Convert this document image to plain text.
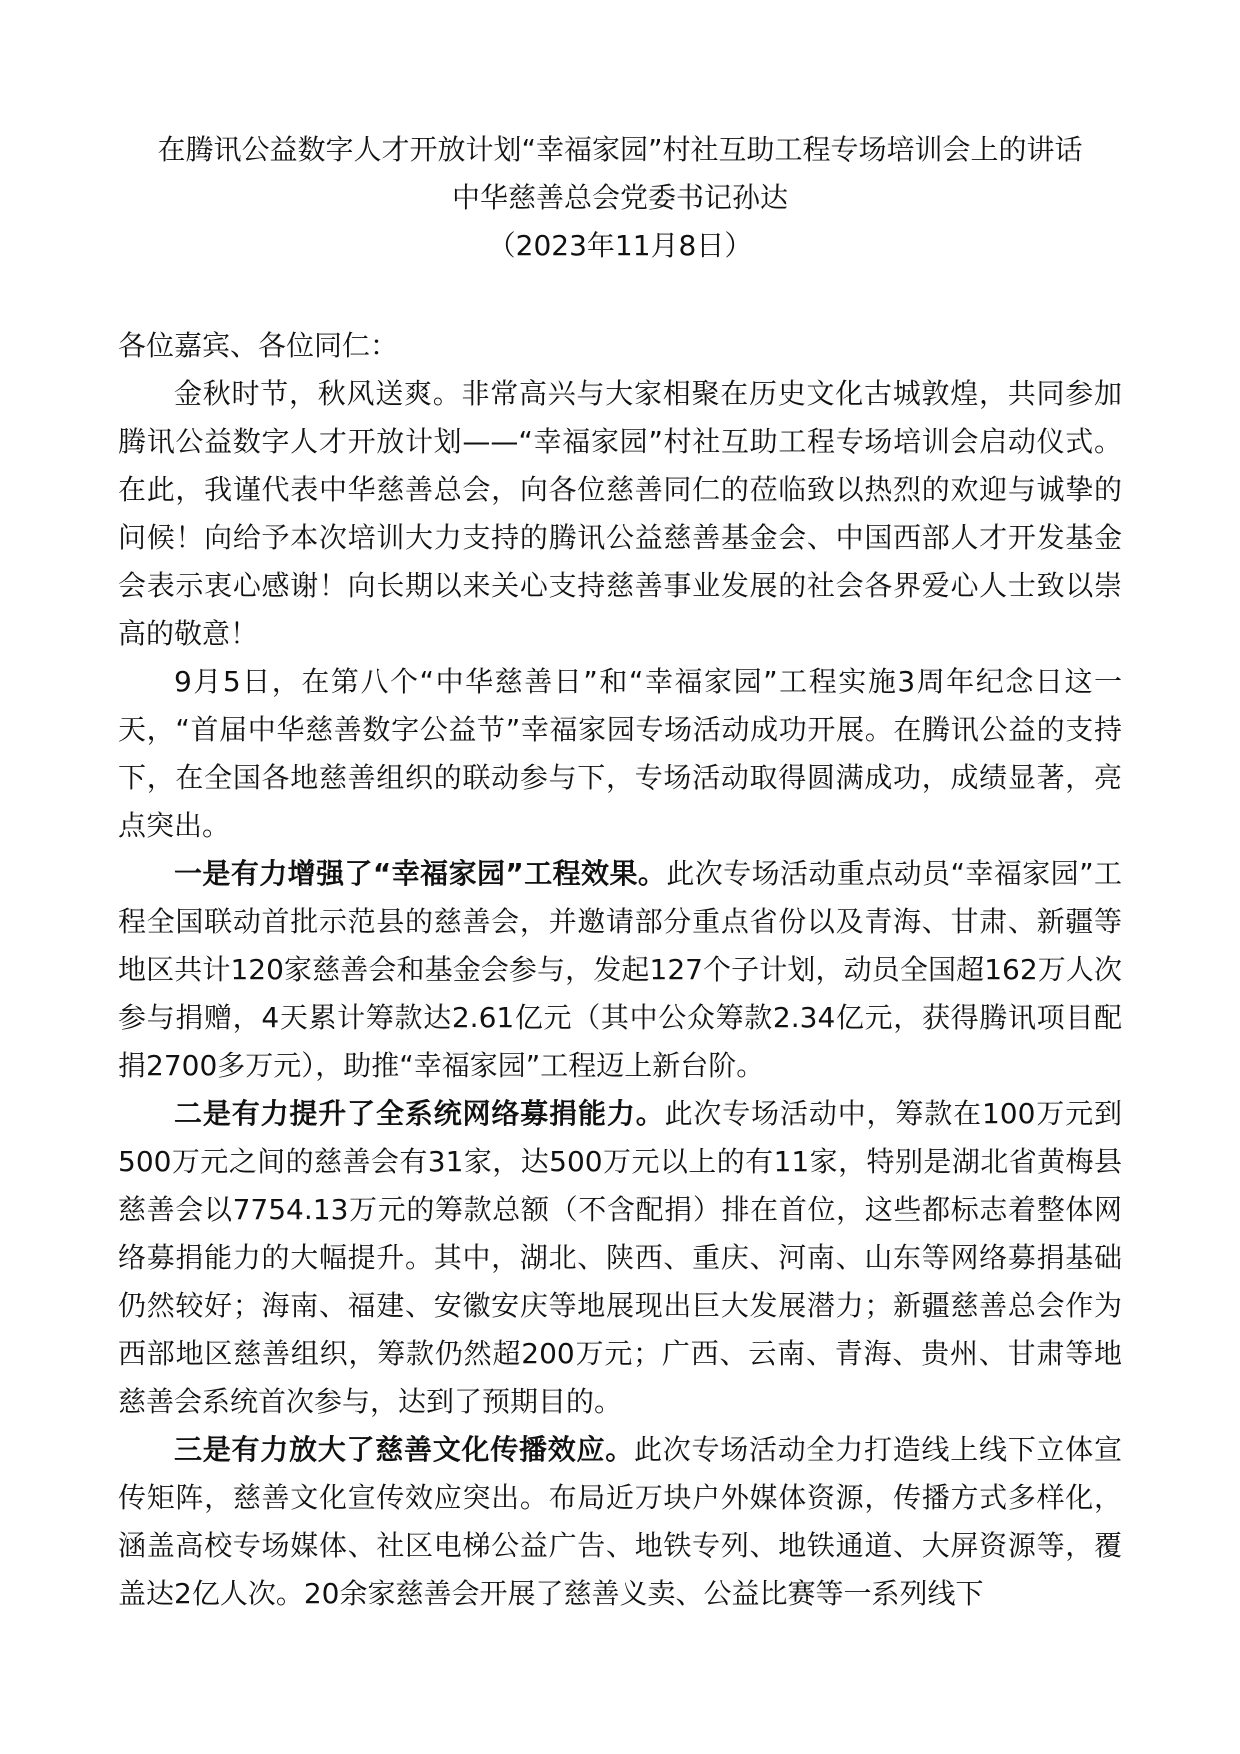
在腾讯公益数字人才开放计划“幸福家园”村社互助工程专场培训会上的讲话

中华慈善总会党委书记孙达

（2023年11月8日）

各位嘉宾、各位同仁：

金秋时节，秋风送爽。非常高兴与大家相聚在历史文化古城敦煌，共同参加腾讯公益数字人才开放计划——“幸福家园”村社互助工程专场培训会启动仪式。在此，我谨代表中华慈善总会，向各位慈善同仁的莅临致以热烈的欢迎与诚挚的问候！向给予本次培训大力支持的腾讯公益慈善基金会、中国西部人才开发基金会表示衷心感谢！向长期以来关心支持慈善事业发展的社会各界爱心人士致以崇高的敬意！

9月5日，在第八个“中华慈善日”和“幸福家园”工程实施3周年纪念日这一天，“首届中华慈善数字公益节”幸福家园专场活动成功开展。在腾讯公益的支持下，在全国各地慈善组织的联动参与下，专场活动取得圆满成功，成绩显著，亮点突出。

一是有力增强了“幸福家园”工程效果。此次专场活动重点动员“幸福家园”工程全国联动首批示范县的慈善会，并邀请部分重点省份以及青海、甘肃、新疆等地区共计120家慈善会和基金会参与，发起127个子计划，动员全国超162万人次参与捐赠，4天累计筹款达2.61亿元（其中公众筹款2.34亿元，获得腾讯项目配捐2700多万元），助推“幸福家园”工程迈上新台阶。

二是有力提升了全系统网络募捐能力。此次专场活动中，筹款在100万元到500万元之间的慈善会有31家，达500万元以上的有11家，特别是湖北省黄梅县慈善会以7754.13万元的筹款总额（不含配捐）排在首位，这些都标志着整体网络募捐能力的大幅提升。其中，湖北、陕西、重庆、河南、山东等网络募捐基础仍然较好；海南、福建、安徽安庆等地展现出巨大发展潜力；新疆慈善总会作为西部地区慈善组织，筹款仍然超200万元；广西、云南、青海、贵州、甘肃等地慈善会系统首次参与，达到了预期目的。

三是有力放大了慈善文化传播效应。此次专场活动全力打造线上线下立体宣传矩阵，慈善文化宣传效应突出。布局近万块户外媒体资源，传播方式多样化，涵盖高校专场媒体、社区电梯公益广告、地铁专列、地铁通道、大屏资源等，覆盖达2亿人次。20余家慈善会开展了慈善义卖、公益比赛等一系列线下
